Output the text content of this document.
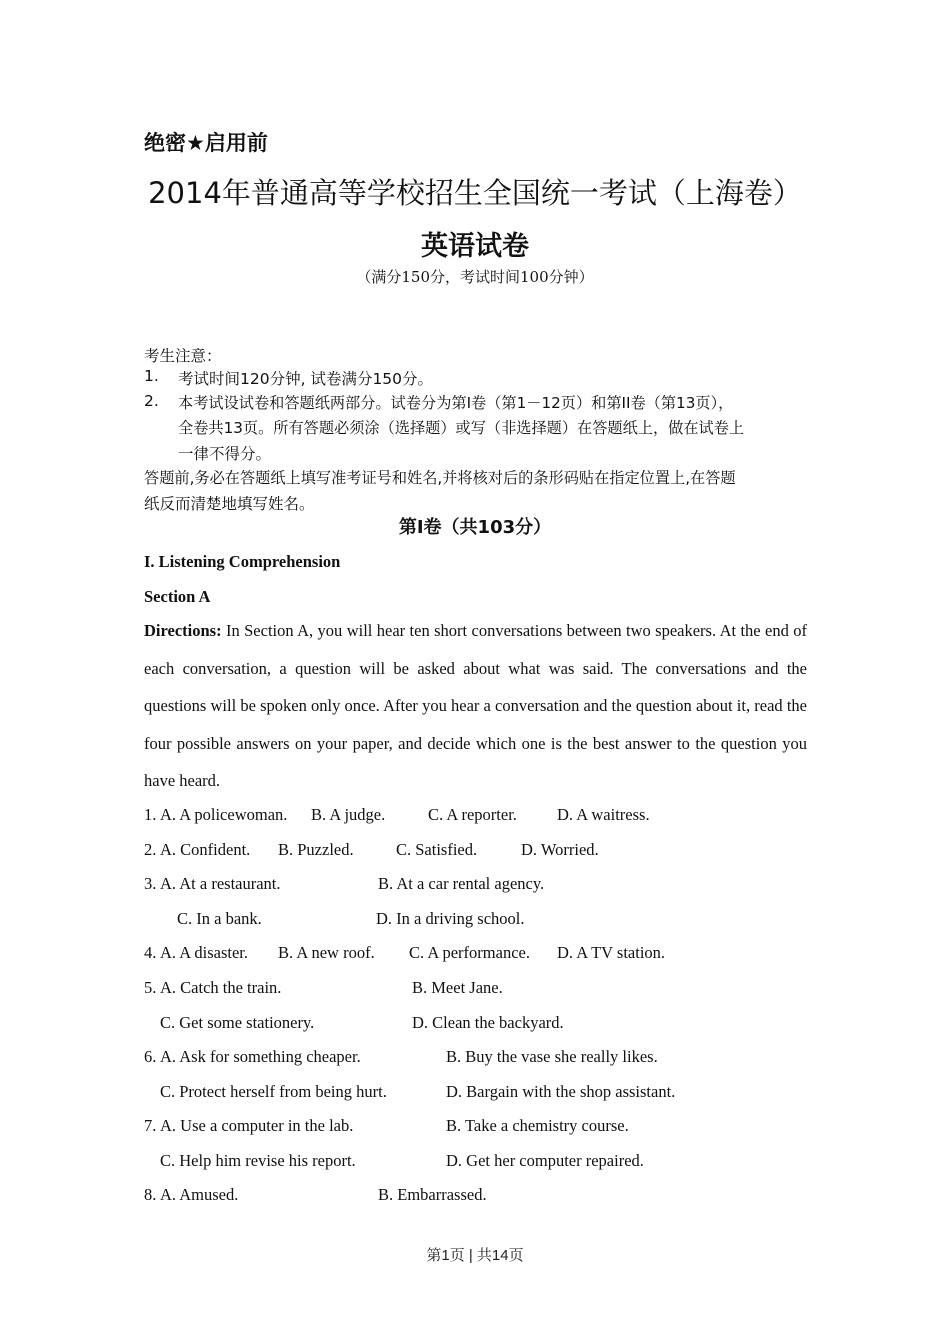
绝密★启用前
2014年普通高等学校招生全国统一考试（上海卷）
英语试卷
（满分150分，考试时间100分钟）
考生注意：
1. 考试时间120分钟, 试卷满分150分。
2. 本考试设试卷和答题纸两部分。试卷分为第I卷（第1－12页）和第II卷（第13页），
全卷共13页。所有答题必须涂（选择题）或写（非选择题）在答题纸上，做在试卷上
一律不得分。
答题前,务必在答题纸上填写准考证号和姓名,并将核对后的条形码贴在指定位置上,在答题
纸反而清楚地填写姓名。
第I卷（共103分）
I. Listening Comprehension
Section A
Directions: In Section A, you will hear ten short conversations between two speakers. At the end of each conversation, a question will be asked about what was said. The conversations and the questions will be spoken only once. After you hear a conversation and the question about it, read the four possible answers on your paper, and decide which one is the best answer to the question you have heard.
1. A. A policewoman. B. A judge.	C. A reporter. D. A waitress.
2. A. Confident. B. Puzzled.	C. Satisfied.	D. Worried.
3. A. At a restaurant.	B. At a car rental agency.
C. In a bank.	D. In a driving school.
4. A. A disaster. B. A new roof. C. A performance. D. A TV station.
5. A. Catch the train.	B. Meet Jane.
C. Get some stationery.	D. Clean the backyard.
6. A. Ask for something cheaper.	B. Buy the vase she really likes.
C. Protect herself from being hurt.	D. Bargain with the shop assistant.
7. A. Use a computer in the lab.	B. Take a chemistry course.
C. Help him revise his report.	D. Get her computer repaired.
8. A. Amused.	B. Embarrassed.
第1页 | 共14页
